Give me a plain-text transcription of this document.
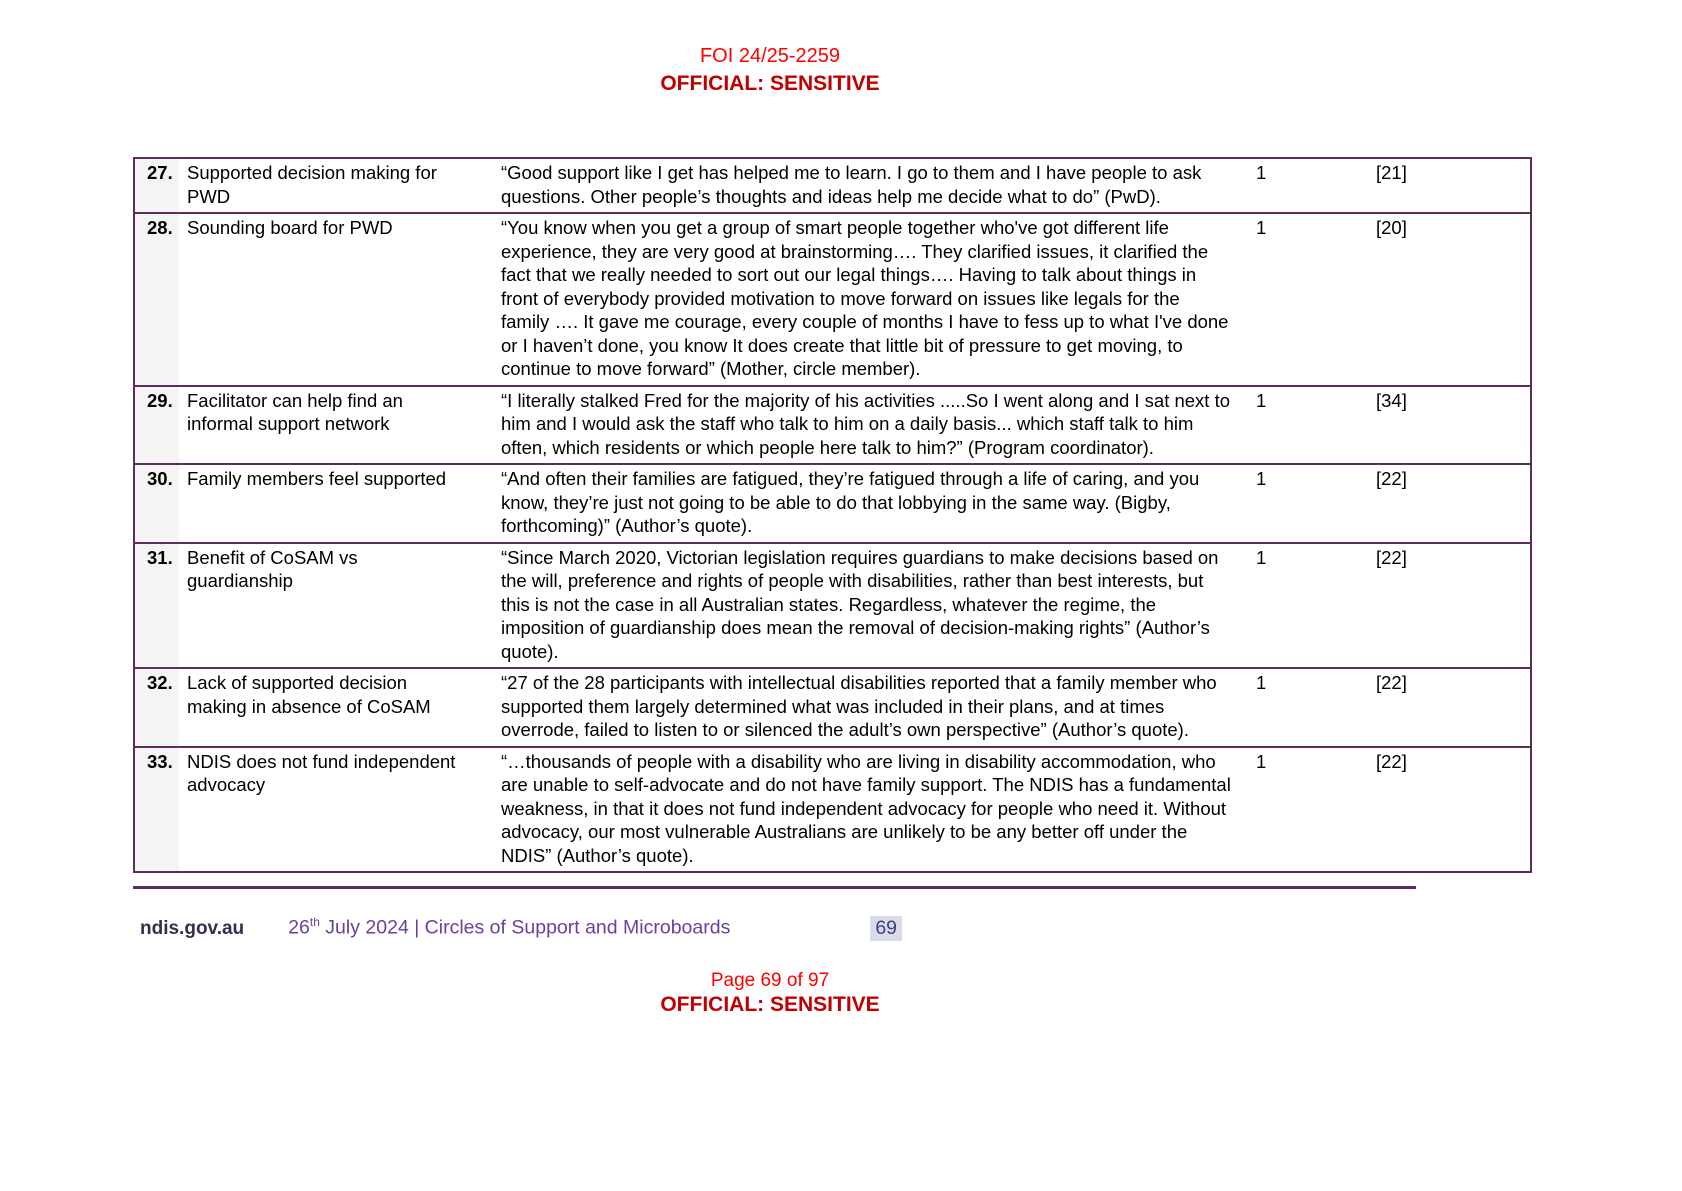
FOI 24/25-2259
OFFICIAL: SENSITIVE
27.	Supported decision making for PWD	“Good support like I get has helped me to learn. I go to them and I have people to ask questions. Other people’s thoughts and ideas help me decide what to do” (PwD).	1	[21]
28.	Sounding board for PWD	“You know when you get a group of smart people together who've got different life experience, they are very good at brainstorming…. They clarified issues, it clarified the fact that we really needed to sort out our legal things…. Having to talk about things in front of everybody provided motivation to move forward on issues like legals for the family …. It gave me courage, every couple of months I have to fess up to what I've done or I haven’t done, you know It does create that little bit of pressure to get moving, to continue to move forward” (Mother, circle member).	1	[20]
29.	Facilitator can help find an informal support network	“I literally stalked Fred for the majority of his activities .....So I went along and I sat next to him and I would ask the staff who talk to him on a daily basis... which staff talk to him often, which residents or which people here talk to him?” (Program coordinator).	1	[34]
30.	Family members feel supported	“And often their families are fatigued, they’re fatigued through a life of caring, and you know, they’re just not going to be able to do that lobbying in the same way. (Bigby, forthcoming)” (Author’s quote).	1	[22]
31.	Benefit of CoSAM vs guardianship	“Since March 2020, Victorian legislation requires guardians to make decisions based on the will, preference and rights of people with disabilities, rather than best interests, but this is not the case in all Australian states. Regardless, whatever the regime, the imposition of guardianship does mean the removal of decision-making rights” (Author’s quote).	1	[22]
32.	Lack of supported decision making in absence of CoSAM	“27 of the 28 participants with intellectual disabilities reported that a family member who supported them largely determined what was included in their plans, and at times overrode, failed to listen to or silenced the adult’s own perspective” (Author’s quote).	1	[22]
33.	NDIS does not fund independent advocacy	“…thousands of people with a disability who are living in disability accommodation, who are unable to self-advocate and do not have family support. The NDIS has a fundamental weakness, in that it does not fund independent advocacy for people who need it. Without advocacy, our most vulnerable Australians are unlikely to be any better off under the NDIS” (Author’s quote).	1	[22]
ndis.gov.au 26th July 2024 | Circles of Support and Microboards	69
Page 69 of 97
OFFICIAL: SENSITIVE
